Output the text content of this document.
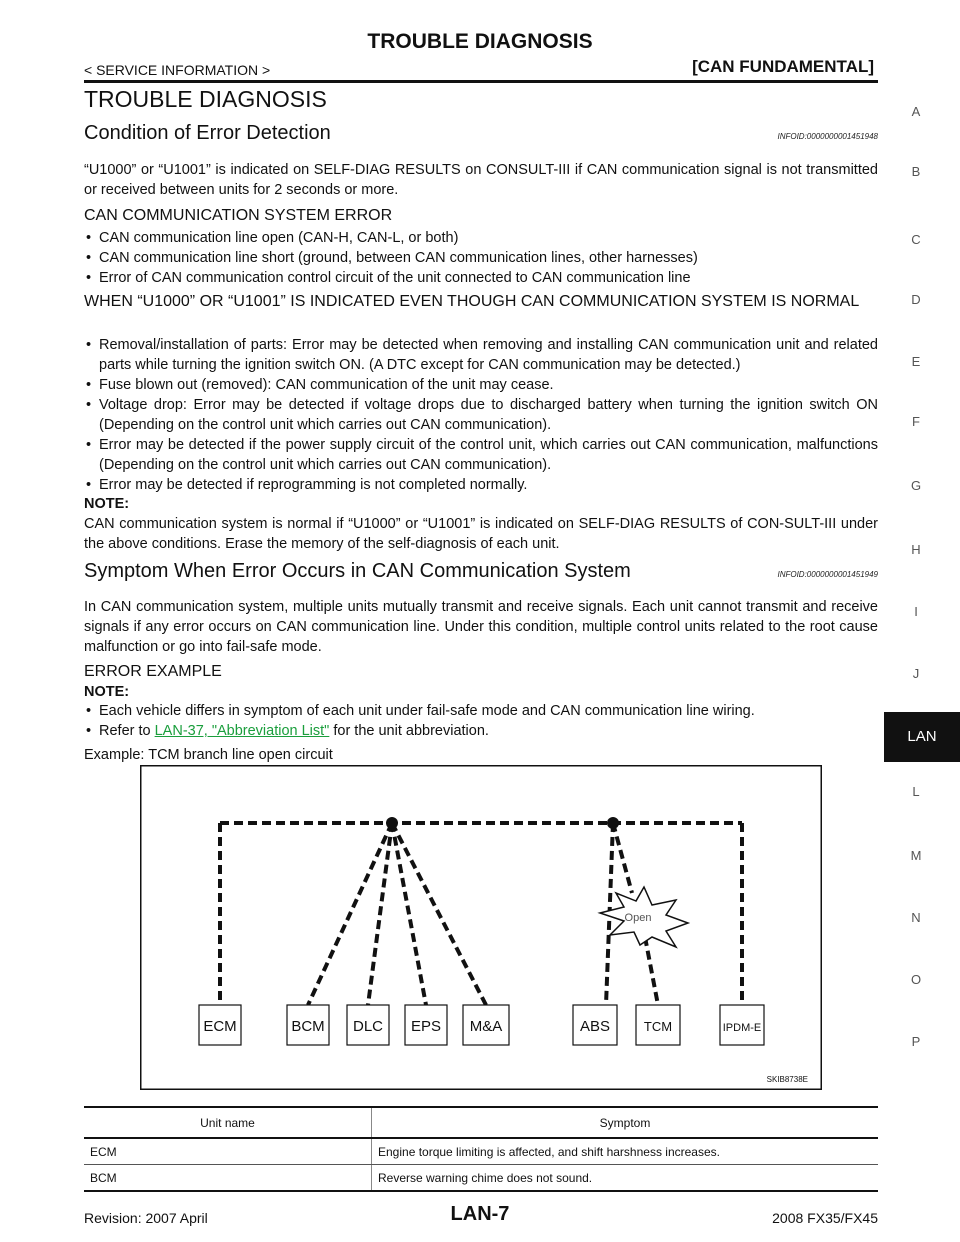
TROUBLE DIAGNOSIS
< SERVICE INFORMATION >	[CAN FUNDAMENTAL]
TROUBLE DIAGNOSIS
Condition of Error Detection	INFOID:0000000001451948
“U1000” or “U1001” is indicated on SELF-DIAG RESULTS on CONSULT-III if CAN communication signal is not transmitted or received between units for 2 seconds or more.
CAN COMMUNICATION SYSTEM ERROR
• CAN communication line open (CAN-H, CAN-L, or both)
• CAN communication line short (ground, between CAN communication lines, other harnesses)
• Error of CAN communication control circuit of the unit connected to CAN communication line
WHEN “U1000” OR “U1001” IS INDICATED EVEN THOUGH CAN COMMUNICATION SYSTEM IS NORMAL
• Removal/installation of parts: Error may be detected when removing and installing CAN communication unit and related parts while turning the ignition switch ON. (A DTC except for CAN communication may be detected.)
• Fuse blown out (removed): CAN communication of the unit may cease.
• Voltage drop: Error may be detected if voltage drops due to discharged battery when turning the ignition switch ON (Depending on the control unit which carries out CAN communication).
• Error may be detected if the power supply circuit of the control unit, which carries out CAN communication, malfunctions (Depending on the control unit which carries out CAN communication).
• Error may be detected if reprogramming is not completed normally.
NOTE:
CAN communication system is normal if “U1000” or “U1001” is indicated on SELF-DIAG RESULTS of CON-SULT-III under the above conditions. Erase the memory of the self-diagnosis of each unit.
Symptom When Error Occurs in CAN Communication System	INFOID:0000000001451949
In CAN communication system, multiple units mutually transmit and receive signals. Each unit cannot transmit and receive signals if any error occurs on CAN communication line. Under this condition, multiple control units related to the root cause malfunction or go into fail-safe mode.
ERROR EXAMPLE
NOTE:
• Each vehicle differs in symptom of each unit under fail-safe mode and CAN communication line wiring.
• Refer to LAN-37, "Abbreviation List" for the unit abbreviation.
Example: TCM branch line open circuit
Open
ECM	BCM DLC EPS M&A	ABS	TCM	IPDM-E
SKIB8738E
Unit name	Symptom
ECM	Engine torque limiting is affected, and shift harshness increases.
BCM	Reverse warning chime does not sound.
A
B
C
D
E
F
G
H
I
J
LAN
L
M
N
O
P
Revision: 2007 April	LAN-7	2008 FX35/FX45
